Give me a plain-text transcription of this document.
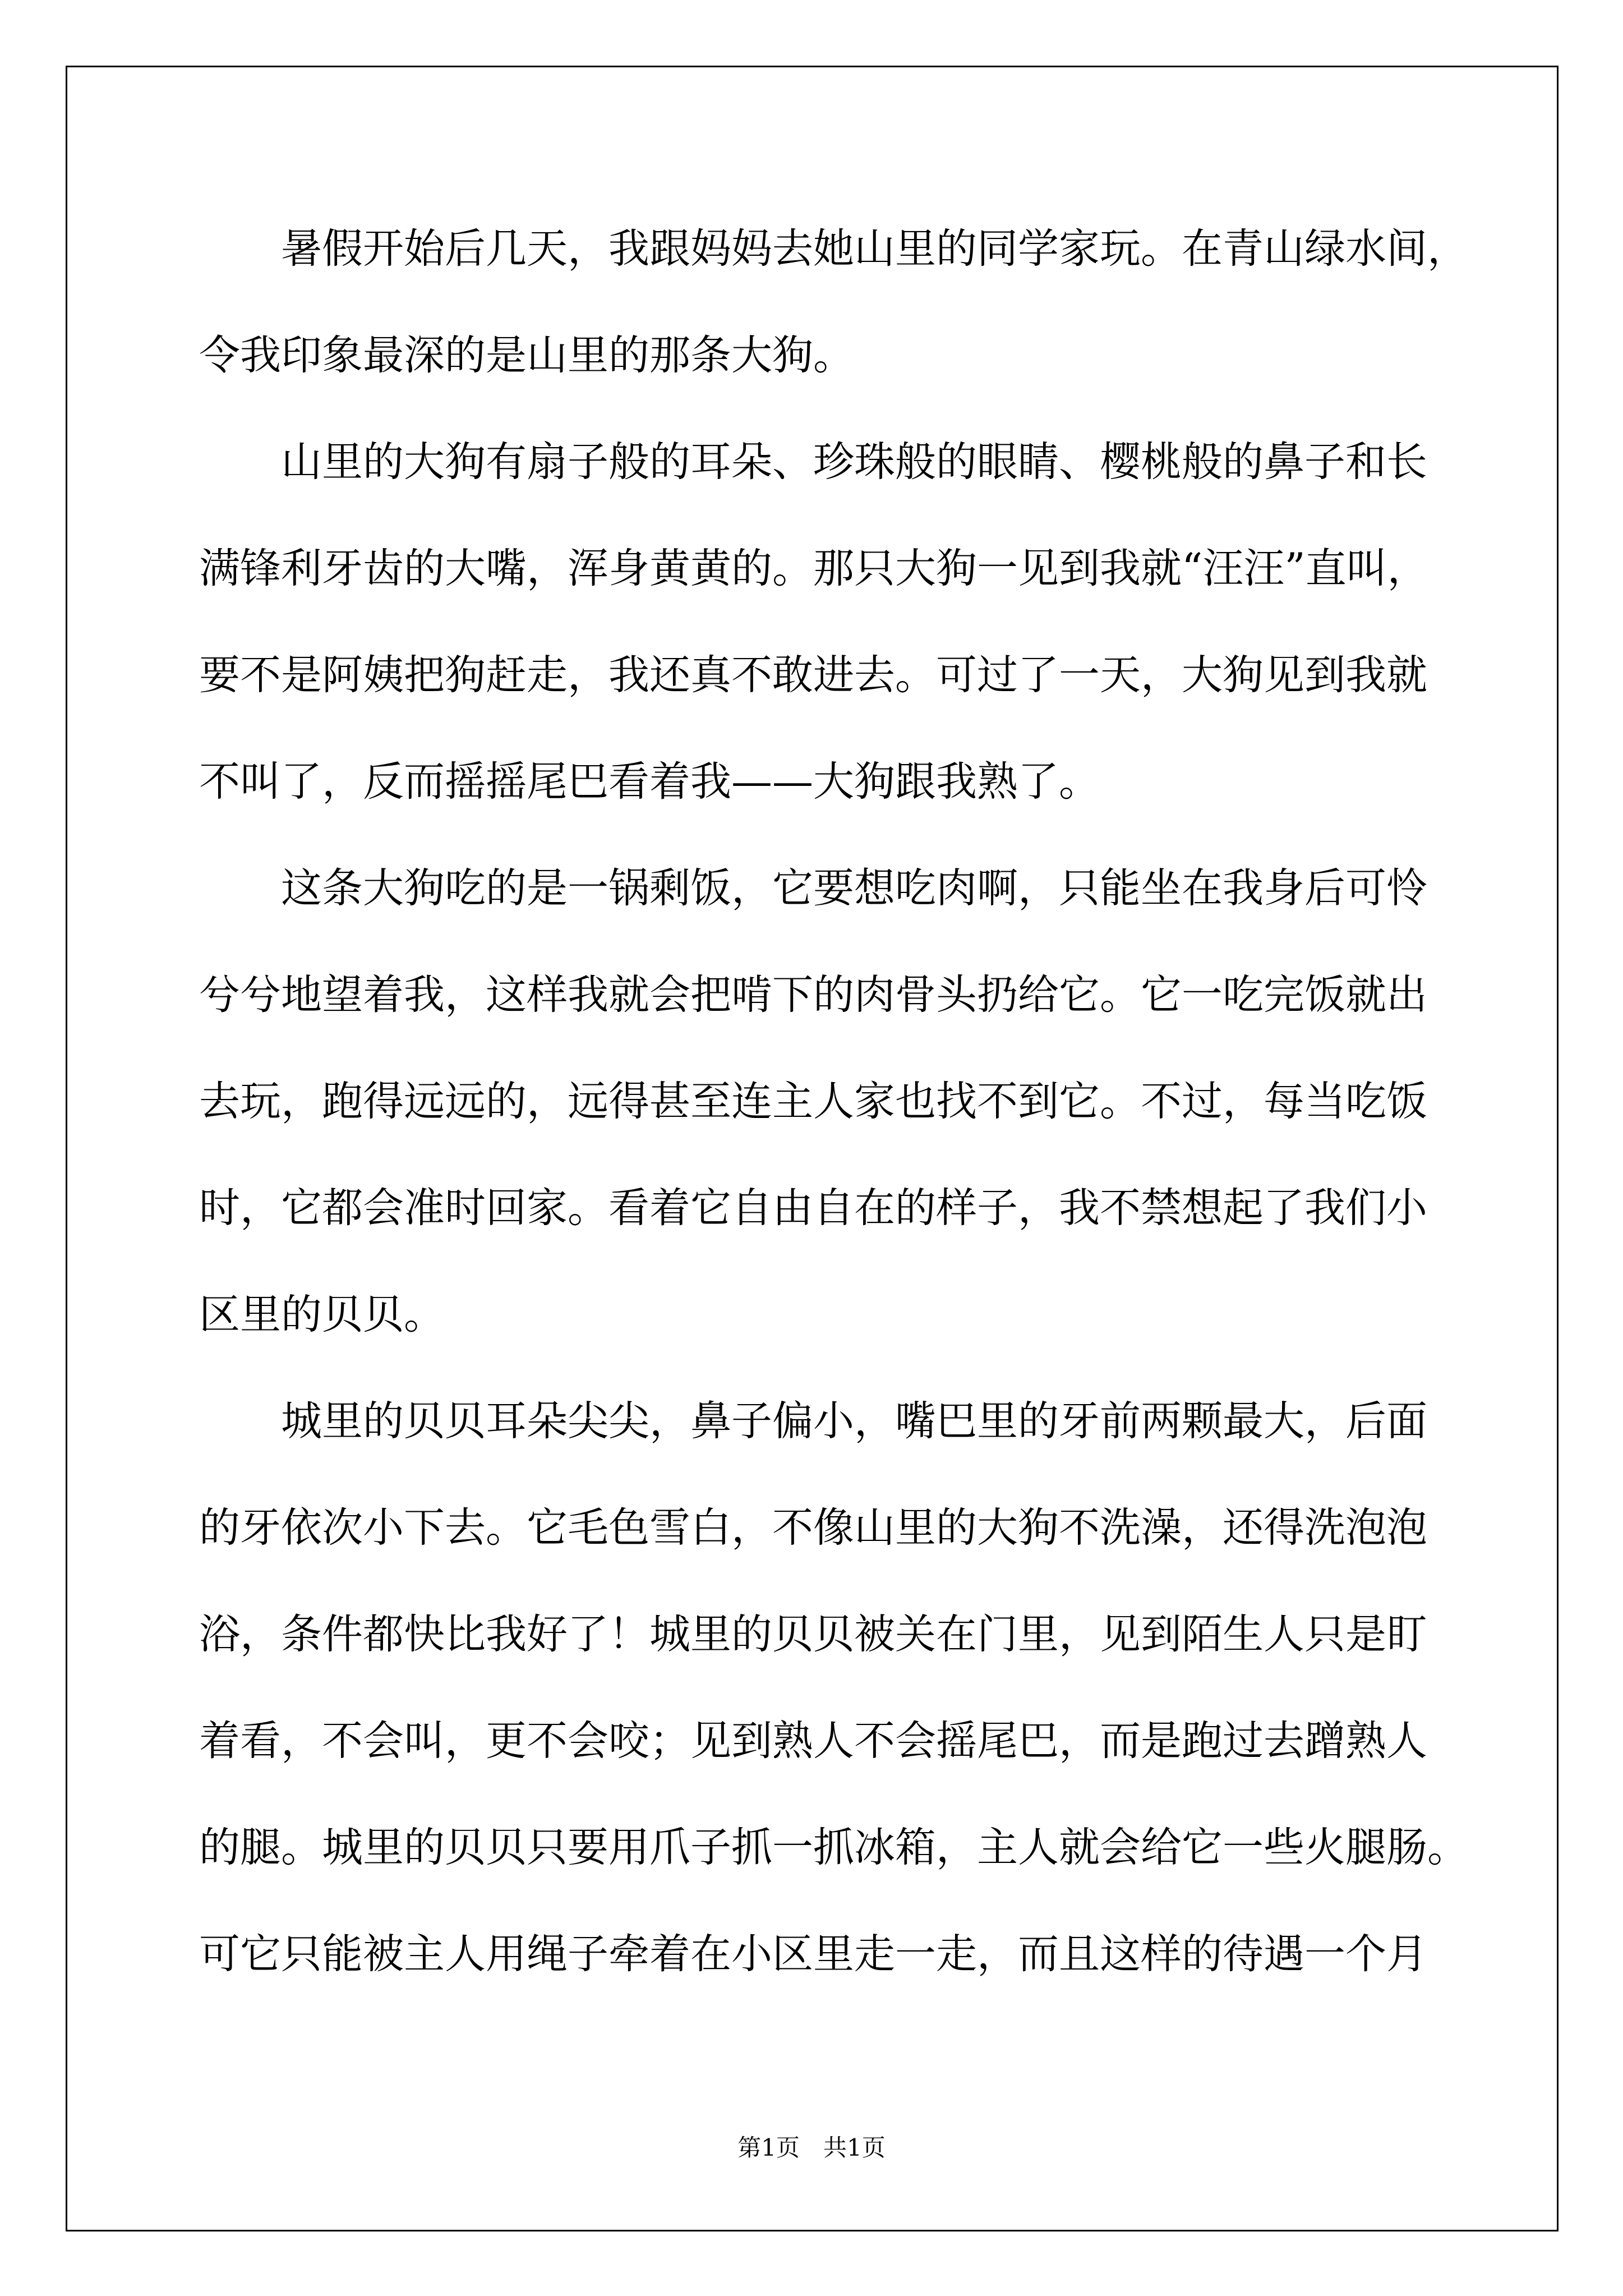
暑假开始后几天，我跟妈妈去她山里的同学家玩。在青山绿水间，
令我印象最深的是山里的那条大狗。
山里的大狗有扇子般的耳朵、珍珠般的眼睛、樱桃般的鼻子和长
满锋利牙齿的大嘴，浑身黄黄的。那只大狗一见到我就“汪汪”直叫，
要不是阿姨把狗赶走，我还真不敢进去。可过了一天，大狗见到我就
不叫了，反而摇摇尾巴看着我——大狗跟我熟了。
这条大狗吃的是一锅剩饭，它要想吃肉啊，只能坐在我身后可怜
兮兮地望着我，这样我就会把啃下的肉骨头扔给它。它一吃完饭就出
去玩，跑得远远的，远得甚至连主人家也找不到它。不过，每当吃饭
时，它都会准时回家。看着它自由自在的样子，我不禁想起了我们小
区里的贝贝。
城里的贝贝耳朵尖尖，鼻子偏小，嘴巴里的牙前两颗最大，后面
的牙依次小下去。它毛色雪白，不像山里的大狗不洗澡，还得洗泡泡
浴，条件都快比我好了！城里的贝贝被关在门里，见到陌生人只是盯
着看，不会叫，更不会咬；见到熟人不会摇尾巴，而是跑过去蹭熟人
的腿。城里的贝贝只要用爪子抓一抓冰箱，主人就会给它一些火腿肠。
可它只能被主人用绳子牵着在小区里走一走，而且这样的待遇一个月
第1页　共1页
